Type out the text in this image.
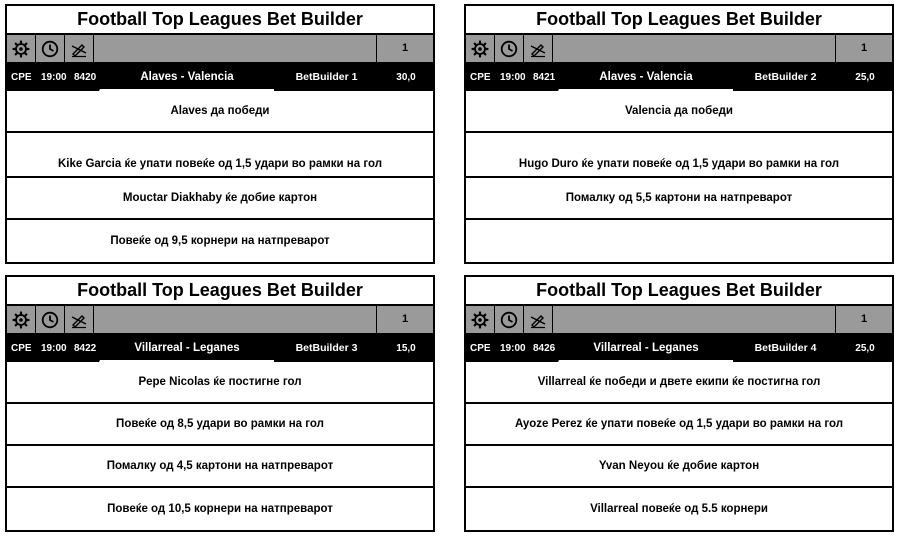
Football Top Leagues Bet Builder
1
СРЕ 19:00 8420	Alaves - Valencia	BetBuilder 1	30,0
Alaves да победи
Kike Garcia ќе упати повеќе од 1,5 удари во рамки на гол
Mouctar Diakhaby ќе добие картон
Повеќе од 9,5 корнери на натпреварот
Football Top Leagues Bet Builder
1
СРЕ 19:00 8421	Alaves - Valencia	BetBuilder 2	25,0
Valencia да победи
Hugo Duro ќе упати повеќе од 1,5 удари во рамки на гол
Помалку од 5,5 картони на натпреварот
Football Top Leagues Bet Builder
1
СРЕ 19:00 8422	Villarreal - Leganes	BetBuilder 3	15,0
Pepe Nicolas ќе постигне гол
Повеќе од 8,5 удари во рамки на гол
Помалку од 4,5 картони на натпреварот
Повеќе од 10,5 корнери на натпреварот
Football Top Leagues Bet Builder
1
СРЕ 19:00 8426	Villarreal - Leganes	BetBuilder 4	25,0
Villarreal ќе победи и двете екипи ќе постигна гол
Ayoze Perez ќе упати повеќе од 1,5 удари во рамки на гол
Yvan Neyou ќе добие картон
Villarreal повеќе од 5.5 корнери
